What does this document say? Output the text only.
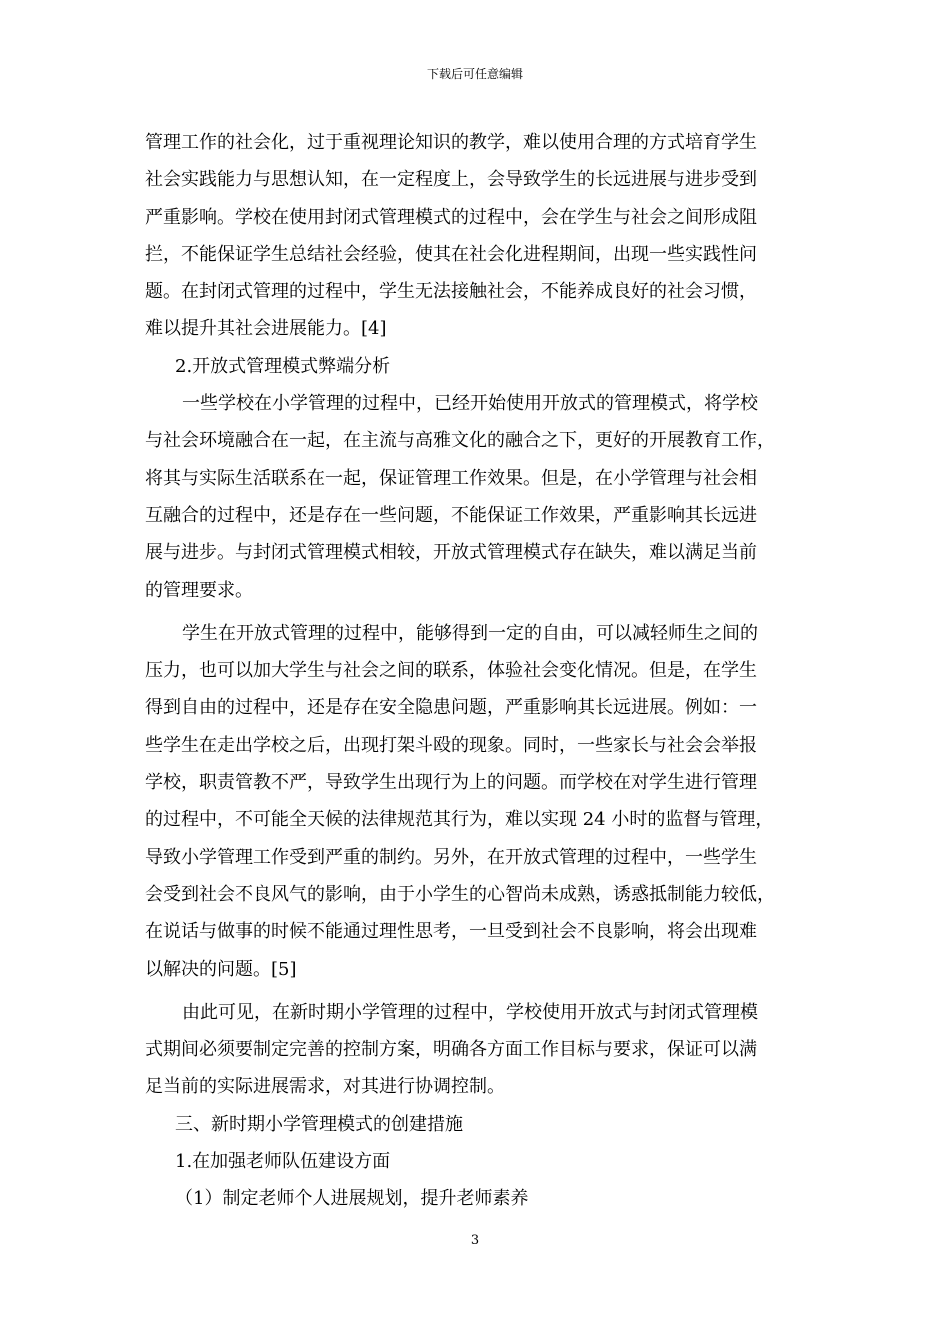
下载后可任意编辑
管理工作的社会化，过于重视理论知识的教学，难以使用合理的方式培育学生
社会实践能力与思想认知，在一定程度上，会导致学生的长远进展与进步受到
严重影响。学校在使用封闭式管理模式的过程中，会在学生与社会之间形成阻
拦，不能保证学生总结社会经验，使其在社会化进程期间，出现一些实践性问
题。在封闭式管理的过程中，学生无法接触社会，不能养成良好的社会习惯，
难以提升其社会进展能力。[4]
2.开放式管理模式弊端分析
一些学校在小学管理的过程中，已经开始使用开放式的管理模式，将学校
与社会环境融合在一起，在主流与高雅文化的融合之下，更好的开展教育工作，
将其与实际生活联系在一起，保证管理工作效果。但是，在小学管理与社会相
互融合的过程中，还是存在一些问题，不能保证工作效果，严重影响其长远进
展与进步。与封闭式管理模式相较，开放式管理模式存在缺失，难以满足当前
的管理要求。
学生在开放式管理的过程中，能够得到一定的自由，可以减轻师生之间的
压力，也可以加大学生与社会之间的联系，体验社会变化情况。但是，在学生
得到自由的过程中，还是存在安全隐患问题，严重影响其长远进展。例如：一
些学生在走出学校之后，出现打架斗殴的现象。同时，一些家长与社会会举报
学校，职责管教不严，导致学生出现行为上的问题。而学校在对学生进行管理
的过程中，不可能全天候的法律规范其行为，难以实现 24 小时的监督与管理，
导致小学管理工作受到严重的制约。另外，在开放式管理的过程中，一些学生
会受到社会不良风气的影响，由于小学生的心智尚未成熟，诱惑抵制能力较低，
在说话与做事的时候不能通过理性思考，一旦受到社会不良影响，将会出现难
以解决的问题。[5]
由此可见，在新时期小学管理的过程中，学校使用开放式与封闭式管理模
式期间必须要制定完善的控制方案，明确各方面工作目标与要求，保证可以满
足当前的实际进展需求，对其进行协调控制。
三、新时期小学管理模式的创建措施
1.在加强老师队伍建设方面
（1）制定老师个人进展规划，提升老师素养
3
